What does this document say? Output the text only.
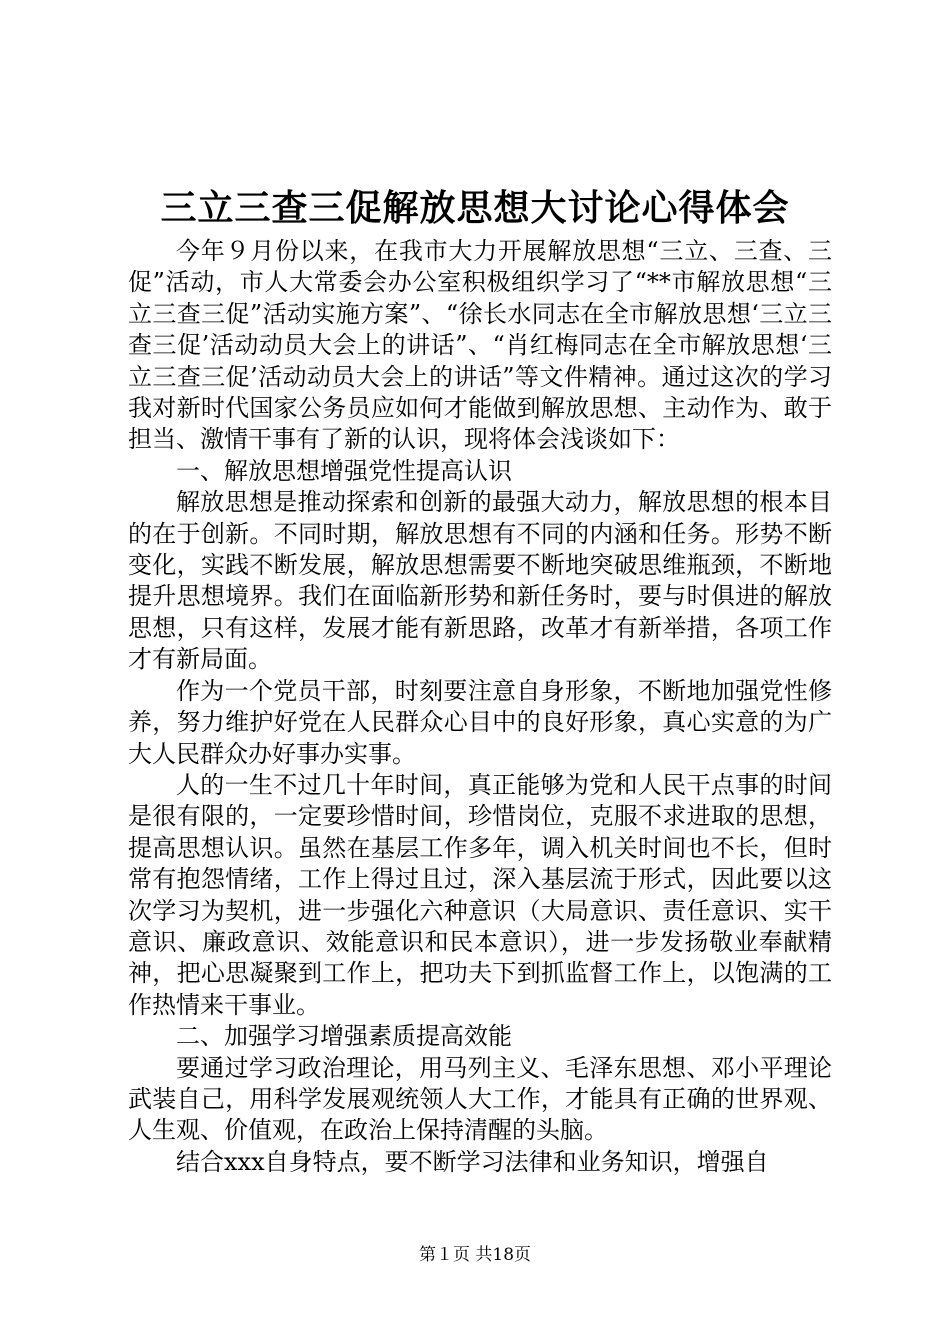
三立三查三促解放思想大讨论心得体会

今年９月份以来，在我市大力开展解放思想“三立、三查、三促”活动，市人大常委会办公室积极组织学习了“**市解放思想“三立三查三促”活动实施方案”、“徐长水同志在全市解放思想‘三立三查三促’活动动员大会上的讲话”、“肖红梅同志在全市解放思想‘三立三查三促’活动动员大会上的讲话”等文件精神。通过这次的学习我对新时代国家公务员应如何才能做到解放思想、主动作为、敢于担当、激情干事有了新的认识，现将体会浅谈如下：

一、解放思想增强党性提高认识

解放思想是推动探索和创新的最强大动力，解放思想的根本目的在于创新。不同时期，解放思想有不同的内涵和任务。形势不断变化，实践不断发展，解放思想需要不断地突破思维瓶颈，不断地提升思想境界。我们在面临新形势和新任务时，要与时俱进的解放思想，只有这样，发展才能有新思路，改革才有新举措，各项工作才有新局面。

作为一个党员干部，时刻要注意自身形象，不断地加强党性修养，努力维护好党在人民群众心目中的良好形象，真心实意的为广大人民群众办好事办实事。

人的一生不过几十年时间，真正能够为党和人民干点事的时间是很有限的，一定要珍惜时间，珍惜岗位，克服不求进取的思想，提高思想认识。虽然在基层工作多年，调入机关时间也不长，但时常有抱怨情绪，工作上得过且过，深入基层流于形式，因此要以这次学习为契机，进一步强化六种意识（大局意识、责任意识、实干意识、廉政意识、效能意识和民本意识），进一步发扬敬业奉献精神，把心思凝聚到工作上，把功夫下到抓监督工作上，以饱满的工作热情来干事业。

二、加强学习增强素质提高效能

要通过学习政治理论，用马列主义、毛泽东思想、邓小平理论武装自己，用科学发展观统领人大工作，才能具有正确的世界观、人生观、价值观，在政治上保持清醒的头脑。

结合xxx自身特点，要不断学习法律和业务知识，增强自

第１页 共18页
